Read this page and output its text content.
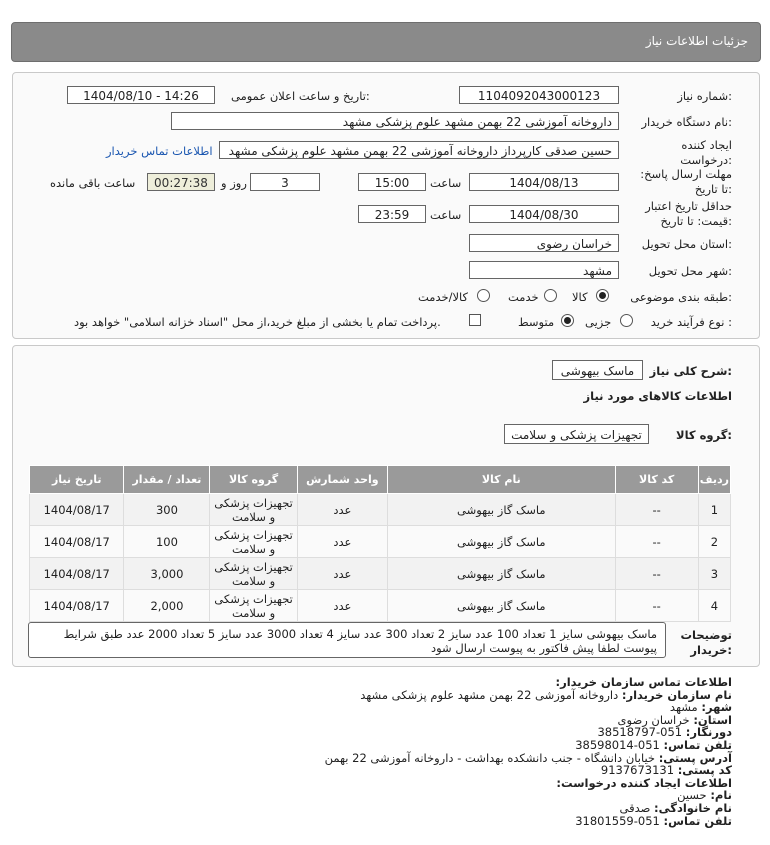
جزئیات اطلاعات نیاز
شماره نیاز:
1104092043000123
تاریخ و ساعت اعلان عمومی:
1404/08/10 - 14:26
نام دستگاه خریدار:
داروخانه آموزشی 22 بهمن مشهد علوم پزشکی مشهد
ایجاد کننده درخواست:
حسین صدقی کارپرداز داروخانه آموزشی 22 بهمن مشهد علوم پزشکی مشهد
اطلاعات تماس خریدار
مهلت ارسال پاسخ: تا تاریخ:
1404/08/13
ساعت
15:00
3
روز و
00:27:38
ساعت باقی مانده
حداقل تاریخ اعتبار قیمت: تا تاریخ:
1404/08/30
ساعت
23:59
استان محل تحویل:
خراسان رضوی
شهر محل تحویل:
مشهد
طبقه بندی موضوعی:
کالا
خدمت
کالا/خدمت
نوع فرآیند خرید :
جزیی
متوسط
پرداخت تمام یا بخشی از مبلغ خرید،از محل "اسناد خزانه اسلامی" خواهد بود.
شرح کلی نیاز:
ماسک بیهوشی
اطلاعات کالاهای مورد نیاز
گروه کالا:
تجهیزات پزشکی و سلامت
ردیف	کد کالا	نام کالا	واحد شمارش	گروه کالا	تعداد / مقدار	تاریخ نیاز
1	--	ماسک گاز بیهوشی	عدد	تجهیزات پزشکی و سلامت	300	1404/08/17
2	--	ماسک گاز بیهوشی	عدد	تجهیزات پزشکی و سلامت	100	1404/08/17
3	--	ماسک گاز بیهوشی	عدد	تجهیزات پزشکی و سلامت	3,000	1404/08/17
4	--	ماسک گاز بیهوشی	عدد	تجهیزات پزشکی و سلامت	2,000	1404/08/17
توضیحات خریدار:
ماسک بیهوشی سایز 1 تعداد 100 عدد سایز 2 تعداد 300 عدد سایز 4 تعداد 3000 عدد سایز 5 تعداد 2000 عدد طبق شرایط پیوست لطفا پیش فاکتور به پیوست ارسال شود
اطلاعات تماس سازمان خریدار:
نام سازمان خریدار: داروخانه آموزشی 22 بهمن مشهد علوم پزشکی مشهد
شهر: مشهد
استان: خراسان رضوی
دورنگار: 051-38518797
تلفن تماس: 051-38598014
آدرس پستی: خیابان دانشگاه - جنب دانشکده بهداشت - داروخانه آموزشی 22 بهمن
کد پستی: 9137673131
اطلاعات ایجاد کننده درخواست:
نام: حسین
نام خانوادگی: صدقی
تلفن تماس: 051-31801559
